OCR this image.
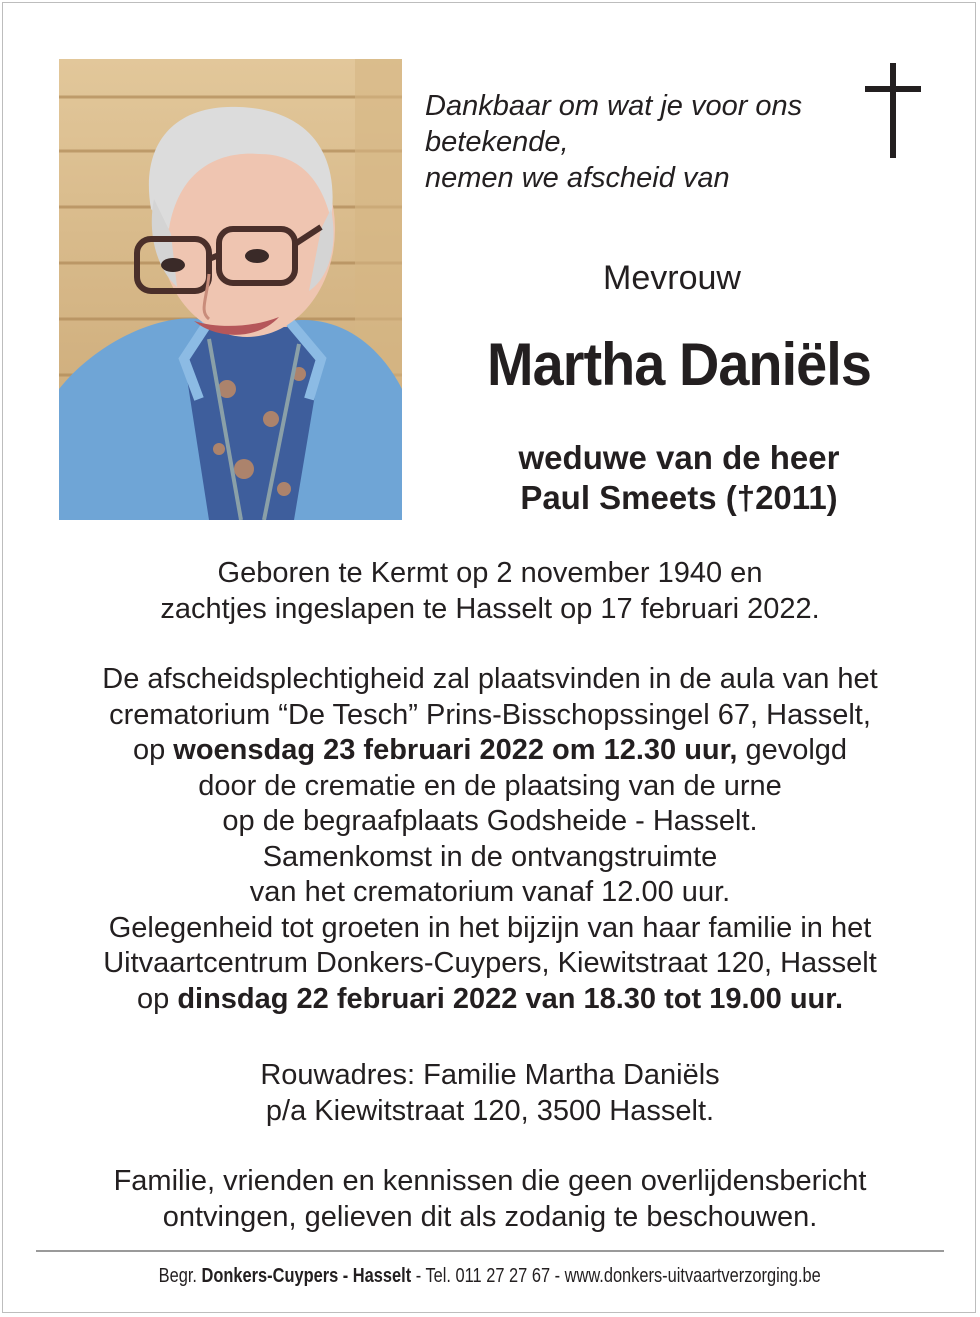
Dankbaar om wat je voor ons
betekende,
nemen we afscheid van
Mevrouw
Martha Daniëls
weduwe van de heer
Paul Smeets (†2011)
Geboren te Kermt op 2 november 1940 en
zachtjes ingeslapen te Hasselt op 17 februari 2022.
De afscheidsplechtigheid zal plaatsvinden in de aula van het
crematorium “De Tesch” Prins-Bisschopssingel 67, Hasselt,
op woensdag 23 februari 2022 om 12.30 uur, gevolgd
door de crematie en de plaatsing van de urne
op de begraafplaats Godsheide - Hasselt.
Samenkomst in de ontvangstruimte
van het crematorium vanaf 12.00 uur.
Gelegenheid tot groeten in het bijzijn van haar familie in het
Uitvaartcentrum Donkers-Cuypers, Kiewitstraat 120, Hasselt
op dinsdag 22 februari 2022 van 18.30 tot 19.00 uur.
Rouwadres: Familie Martha Daniëls
p/a Kiewitstraat 120, 3500 Hasselt.
Familie, vrienden en kennissen die geen overlijdensbericht
ontvingen, gelieven dit als zodanig te beschouwen.
Begr. Donkers-Cuypers - Hasselt - Tel. 011 27 27 67 - www.donkers-uitvaartverzorging.be
